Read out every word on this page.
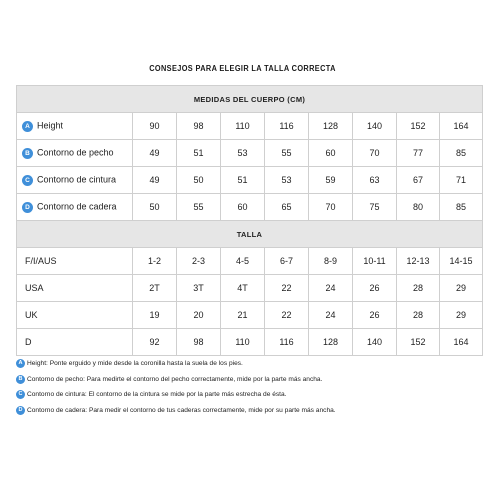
CONSEJOS PARA ELEGIR LA TALLA CORRECTA
MEDIDAS DEL CUERPO (CM)								
A Height	90	98	110	116	128	140	152	164
B Contorno de pecho	49	51	53	55	60	70	77	85
C Contorno de cintura	49	50	51	53	59	63	67	71
D Contorno de cadera	50	55	60	65	70	75	80	85
TALLA								
F/I/AUS	1-2	2-3	4-5	6-7	8-9	10-11	12-13	14-15
USA	2T	3T	4T	22	24	26	28	29
UK	19	20	21	22	24	26	28	29
D	92	98	110	116	128	140	152	164
A Height: Ponte erguido y mide desde la coronilla hasta la suela de los pies.
B Contorno de pecho: Para medirte el contorno del pecho correctamente, mide por la parte más ancha.
C Contorno de cintura: El contorno de la cintura se mide por la parte más estrecha de ésta.
D Contorno de cadera: Para medir el contorno de tus caderas correctamente, mide por su parte más ancha.
